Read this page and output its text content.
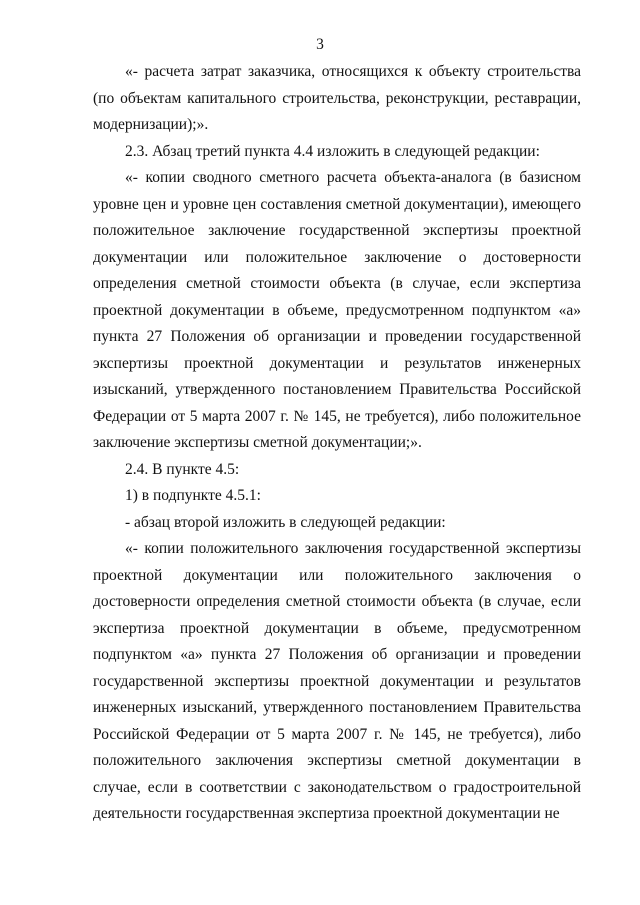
3

«- расчета затрат заказчика, относящихся к объекту строительства (по объектам капитального строительства, реконструкции, реставрации, модернизации);».

2.3. Абзац третий пункта 4.4 изложить в следующей редакции:

«- копии сводного сметного расчета объекта-аналога (в базисном уровне цен и уровне цен составления сметной документации), имеющего положительное заключение государственной экспертизы проектной документации или положительное заключение о достоверности определения сметной стоимости объекта (в случае, если экспертиза проектной документации в объеме, предусмотренном подпунктом «а» пункта 27 Положения об организации и проведении государственной экспертизы проектной документации и результатов инженерных изысканий, утвержденного постановлением Правительства Российской Федерации от 5 марта 2007 г. № 145, не требуется), либо положительное заключение экспертизы сметной документации;».

2.4. В пункте 4.5:

1) в подпункте 4.5.1:

- абзац второй изложить в следующей редакции:

«- копии положительного заключения государственной экспертизы проектной документации или положительного заключения о достоверности определения сметной стоимости объекта (в случае, если экспертиза проектной документации в объеме, предусмотренном подпунктом «а» пункта 27 Положения об организации и проведении государственной экспертизы проектной документации и результатов инженерных изысканий, утвержденного постановлением Правительства Российской Федерации от 5 марта 2007 г. № 145, не требуется), либо положительного заключения экспертизы сметной документации в случае, если в соответствии с законодательством о градостроительной деятельности государственная экспертиза проектной документации не
